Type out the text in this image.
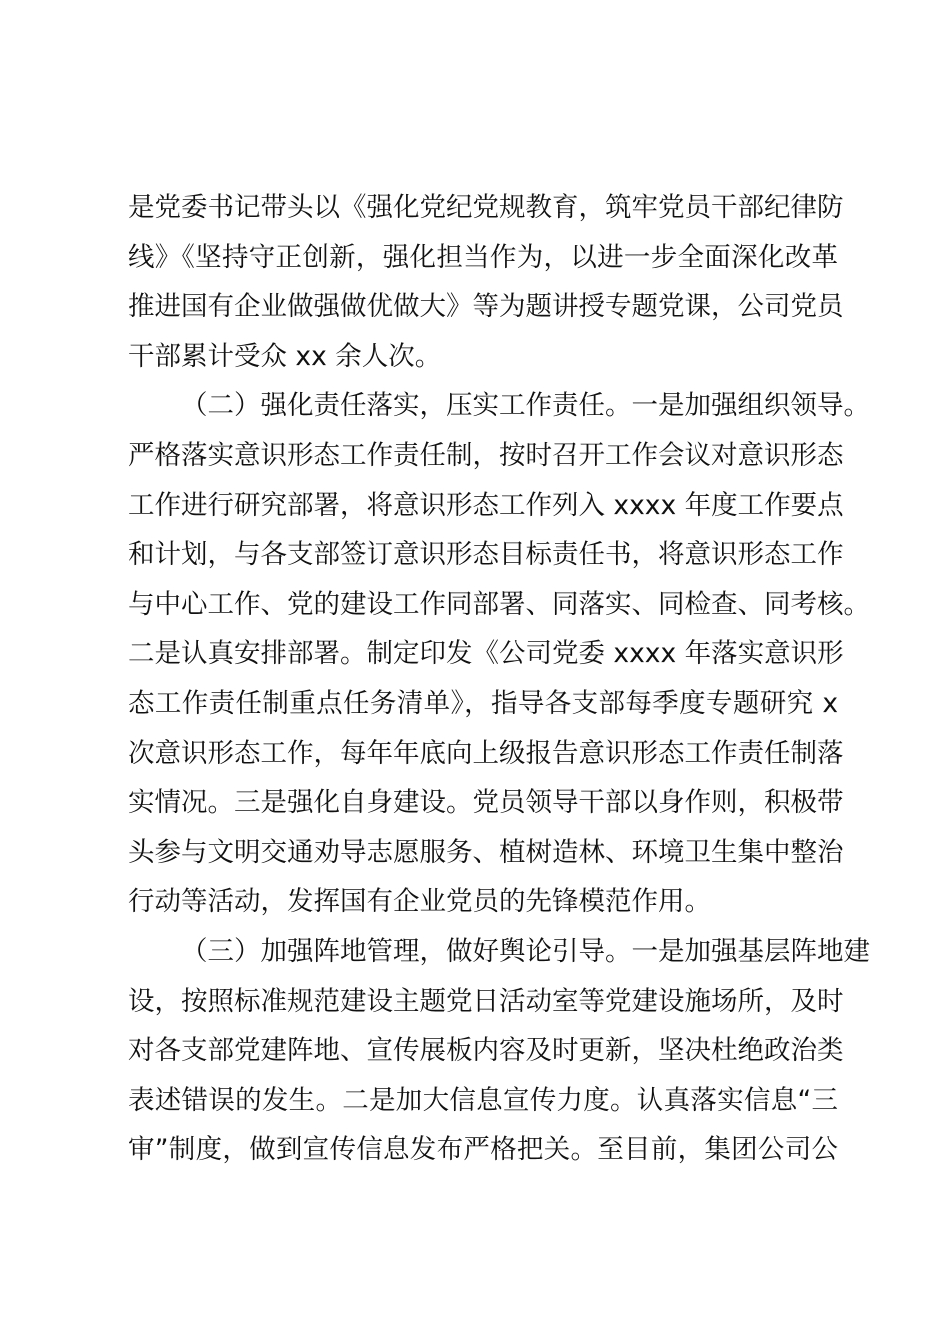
是党委书记带头以《强化党纪党规教育，筑牢党员干部纪律防
线》《坚持守正创新，强化担当作为，以进一步全面深化改革
推进国有企业做强做优做大》等为题讲授专题党课，公司党员
干部累计受众 xx 余人次。
（二）强化责任落实，压实工作责任。一是加强组织领导。
严格落实意识形态工作责任制，按时召开工作会议对意识形态
工作进行研究部署，将意识形态工作列入 xxxx 年度工作要点
和计划，与各支部签订意识形态目标责任书，将意识形态工作
与中心工作、党的建设工作同部署、同落实、同检查、同考核。
二是认真安排部署。制定印发《公司党委 xxxx 年落实意识形
态工作责任制重点任务清单》，指导各支部每季度专题研究 x
次意识形态工作，每年年底向上级报告意识形态工作责任制落
实情况。三是强化自身建设。党员领导干部以身作则，积极带
头参与文明交通劝导志愿服务、植树造林、环境卫生集中整治
行动等活动，发挥国有企业党员的先锋模范作用。
（三）加强阵地管理，做好舆论引导。一是加强基层阵地建
设，按照标准规范建设主题党日活动室等党建设施场所，及时
对各支部党建阵地、宣传展板内容及时更新，坚决杜绝政治类
表述错误的发生。二是加大信息宣传力度。认真落实信息“三
审”制度，做到宣传信息发布严格把关。至目前，集团公司公
